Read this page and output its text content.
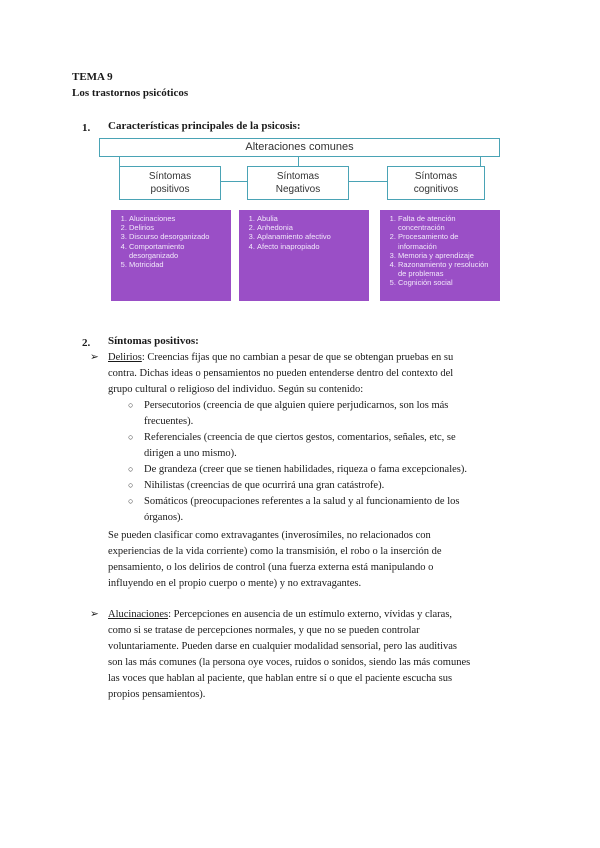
TEMA 9
Los trastornos psicóticos
1. Características principales de la psicosis:
Alteraciones comunes
Síntomas
positivos
Síntomas
Negativos
Síntomas
cognitivos
1. Alucinaciones
2. Delirios
3. Discurso desorganizado
4. Comportamiento desorganizado
5. Motricidad
1. Abulia
2. Anhedonia
3. Aplanamiento afectivo
4. Afecto inapropiado
1. Falta de atención concentración
2. Procesamiento de información
3. Memoria y aprendizaje
4. Razonamiento y resolución de problemas
5. Cognición social
2. Síntomas positivos:
➢ Delirios: Creencias fijas que no cambian a pesar de que se obtengan pruebas en su
contra. Dichas ideas o pensamientos no pueden entenderse dentro del contexto del
grupo cultural o religioso del individuo. Según su contenido:
○ Persecutorios (creencia de que alguien quiere perjudicarnos, son los más
frecuentes).
○ Referenciales (creencia de que ciertos gestos, comentarios, señales, etc, se
dirigen a uno mismo).
○ De grandeza (creer que se tienen habilidades, riqueza o fama excepcionales).
○ Nihilistas (creencias de que ocurrirá una gran catástrofe).
○ Somáticos (preocupaciones referentes a la salud y al funcionamiento de los
órganos).
Se pueden clasificar como extravagantes (inverosímiles, no relacionados con
experiencias de la vida corriente) como la transmisión, el robo o la inserción de
pensamiento, o los delirios de control (una fuerza externa está manipulando o
influyendo en el propio cuerpo o mente) y no extravagantes.
➢ Alucinaciones: Percepciones en ausencia de un estímulo externo, vívidas y claras,
como si se tratase de percepciones normales, y que no se pueden controlar
voluntariamente. Pueden darse en cualquier modalidad sensorial, pero las auditivas
son las más comunes (la persona oye voces, ruidos o sonidos, siendo las más comunes
las voces que hablan al paciente, que hablan entre sí o que el paciente escucha sus
propios pensamientos).
